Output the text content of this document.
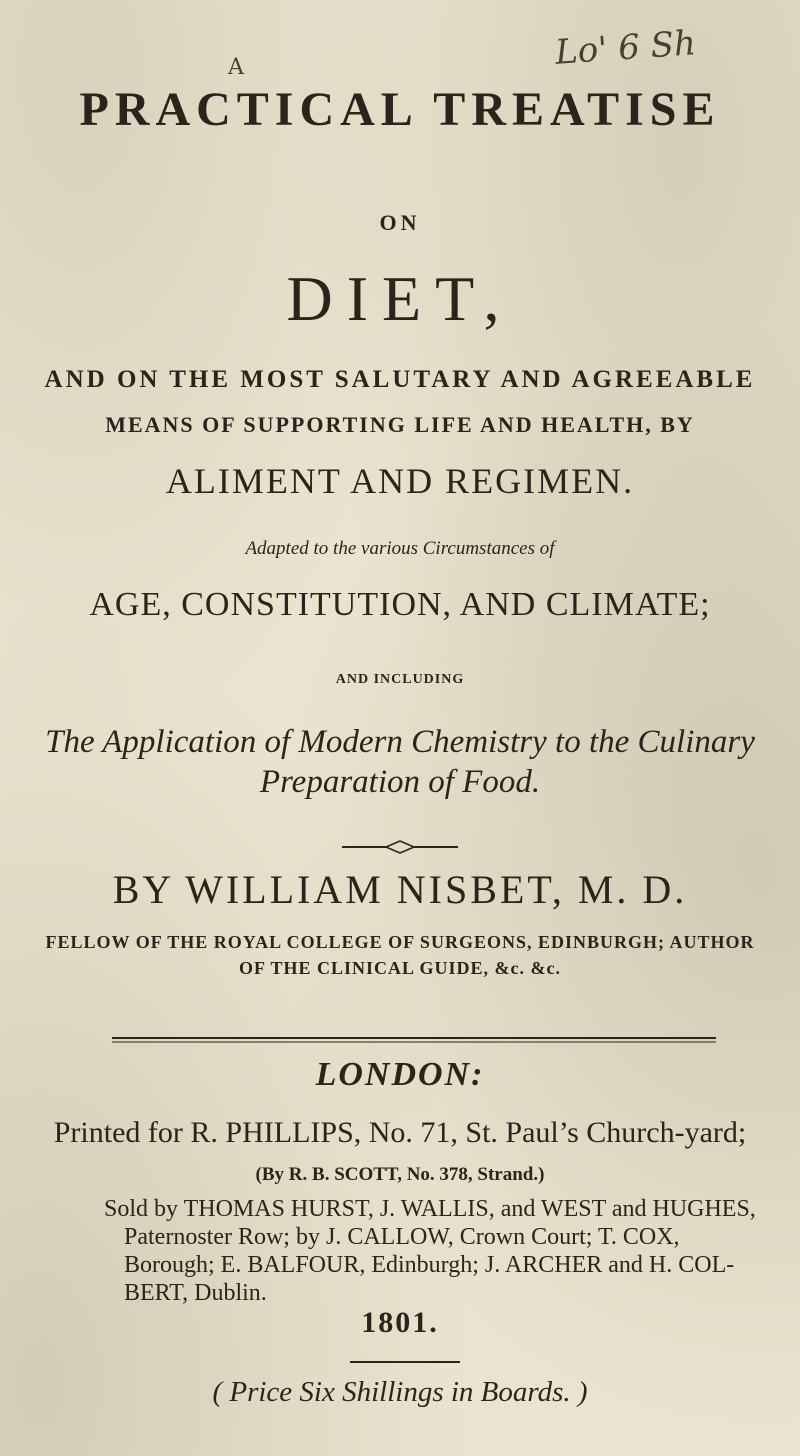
Lo' 6 Sh
A
PRACTICAL TREATISE
ON
DIET,
AND ON THE MOST SALUTARY AND AGREEABLE
MEANS OF SUPPORTING LIFE AND HEALTH, BY
ALIMENT AND REGIMEN.
Adapted to the various Circumstances of
AGE, CONSTITUTION, AND CLIMATE;
AND INCLUDING
The Application of Modern Chemistry to the Culinary
Preparation of Food.
BY WILLIAM NISBET, M. D.
FELLOW OF THE ROYAL COLLEGE OF SURGEONS, EDINBURGH; AUTHOR
OF THE CLINICAL GUIDE, &c. &c.
LONDON:
Printed for R. PHILLIPS, No. 71, St. Paul’s Church-yard;
(By R. B. SCOTT, No. 378, Strand.)
Sold by THOMAS HURST, J. WALLIS, and WEST and HUGHES,
Paternoster Row; by J. CALLOW, Crown Court; T. COX,
Borough; E. BALFOUR, Edinburgh; J. ARCHER and H. COL-
BERT, Dublin.
1801.
( Price Six Shillings in Boards. )
